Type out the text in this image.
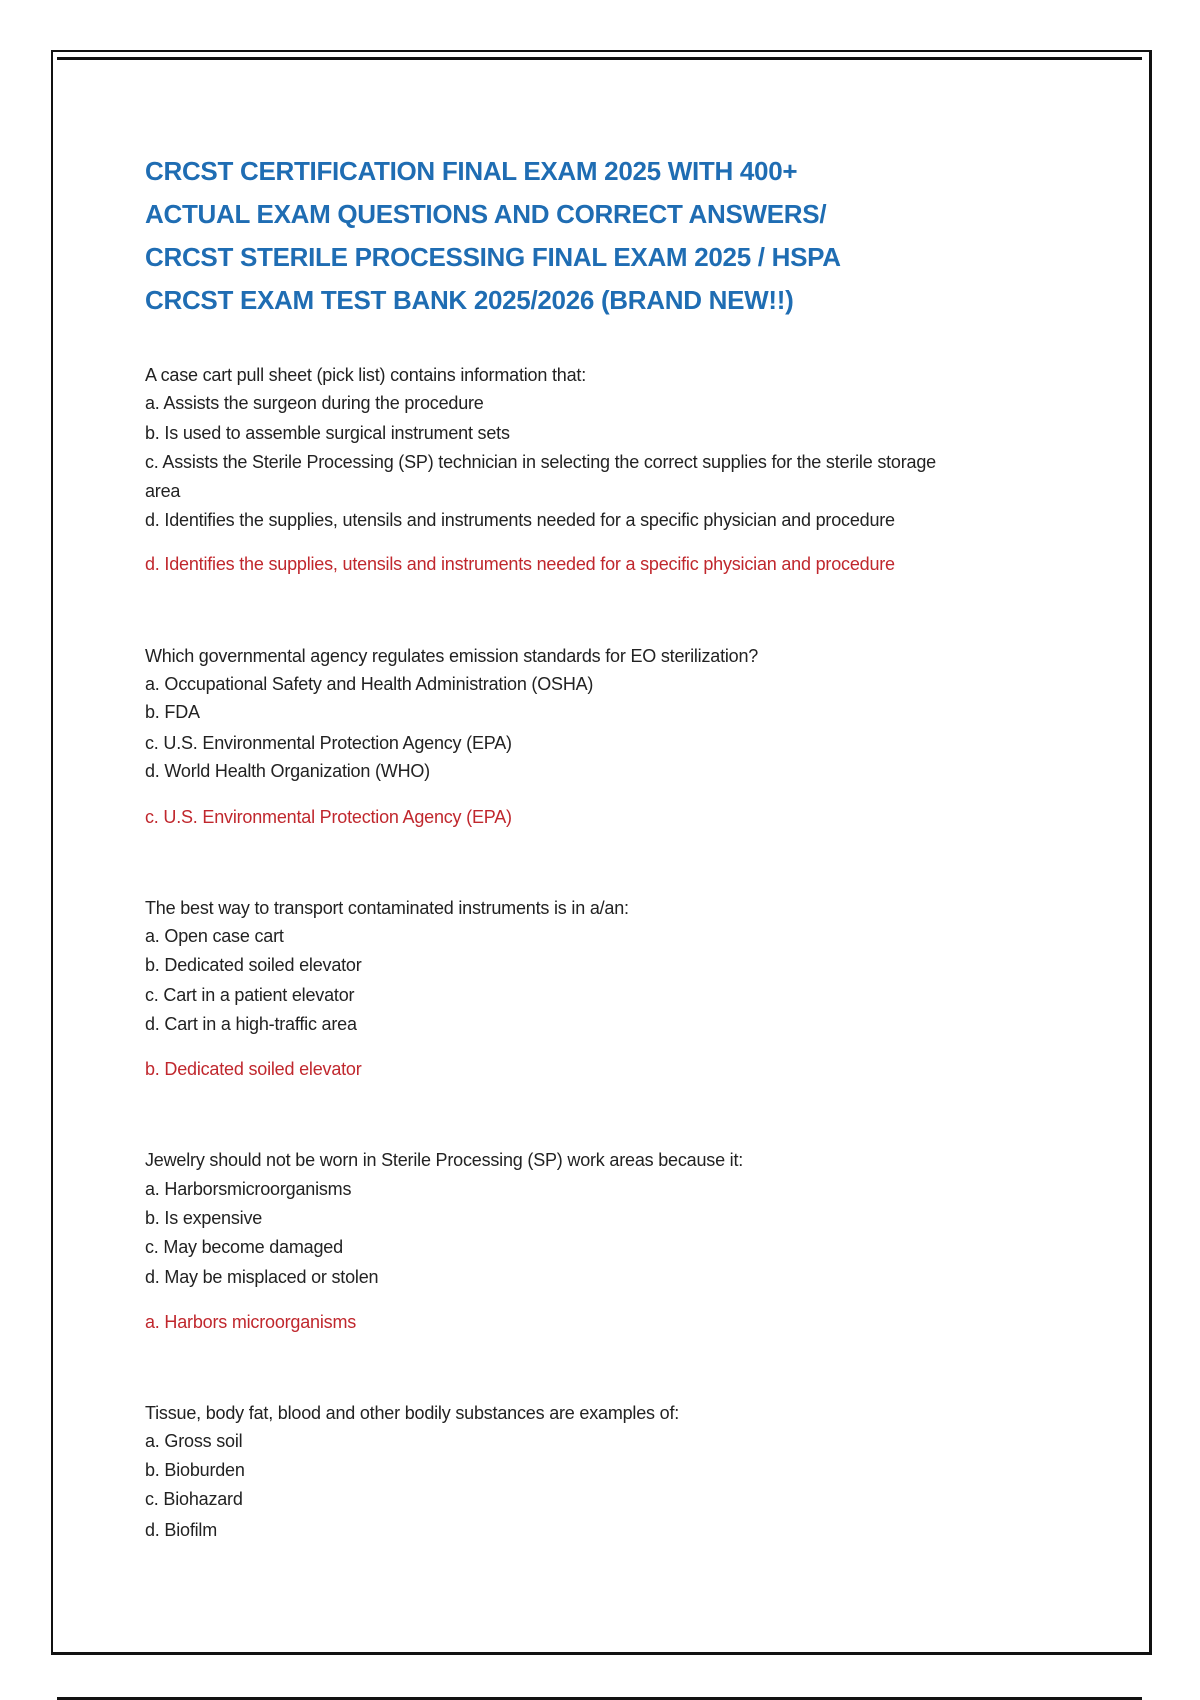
CRCST CERTIFICATION FINAL EXAM 2025 WITH 400+
ACTUAL EXAM QUESTIONS AND CORRECT ANSWERS/
CRCST STERILE PROCESSING FINAL EXAM 2025 / HSPA
CRCST EXAM TEST BANK 2025/2026 (BRAND NEW!!)
A case cart pull sheet (pick list) contains information that:
a. Assists the surgeon during the procedure
b. Is used to assemble surgical instrument sets
c. Assists the Sterile Processing (SP) technician in selecting the correct supplies for the sterile storage
area
d. Identifies the supplies, utensils and instruments needed for a specific physician and procedure
d. Identifies the supplies, utensils and instruments needed for a specific physician and procedure
Which governmental agency regulates emission standards for EO sterilization?
a. Occupational Safety and Health Administration (OSHA)
b. FDA
c. U.S. Environmental Protection Agency (EPA)
d. World Health Organization (WHO)
c. U.S. Environmental Protection Agency (EPA)
The best way to transport contaminated instruments is in a/an:
a. Open case cart
b. Dedicated soiled elevator
c. Cart in a patient elevator
d. Cart in a high-traffic area
b. Dedicated soiled elevator
Jewelry should not be worn in Sterile Processing (SP) work areas because it:
a. Harborsmicroorganisms
b. Is expensive
c. May become damaged
d. May be misplaced or stolen
a. Harbors microorganisms
Tissue, body fat, blood and other bodily substances are examples of:
a. Gross soil
b. Bioburden
c. Biohazard
d. Biofilm
